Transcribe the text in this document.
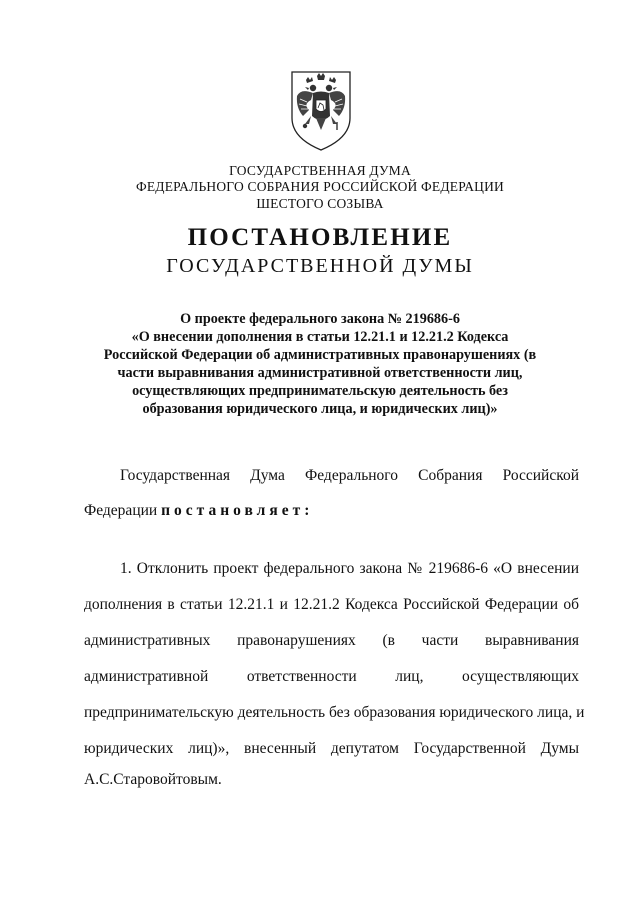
ГОСУДАРСТВЕННАЯ ДУМА
ФЕДЕРАЛЬНОГО СОБРАНИЯ РОССИЙСКОЙ ФЕДЕРАЦИИ
ШЕСТОГО СОЗЫВА
ПОСТАНОВЛЕНИЕ
ГОСУДАРСТВЕННОЙ ДУМЫ
О проекте федерального закона № 219686-6
«О внесении дополнения в статьи 12.21.1 и 12.21.2 Кодекса
Российской Федерации об административных правонарушениях (в
части выравнивания административной ответственности лиц,
осуществляющих предпринимательскую деятельность без
образования юридического лица, и юридических лиц)»
Государственная Дума Федерального Собрания Российской
Федерации постановляет:
1. Отклонить проект федерального закона № 219686-6 «О внесении
дополнения в статьи 12.21.1 и 12.21.2 Кодекса Российской Федерации об
административных правонарушениях (в части выравнивания
административной ответственности лиц, осуществляющих
предпринимательскую деятельность без образования юридического лица, и
юридических лиц)», внесенный депутатом Государственной Думы
А.С.Старовойтовым.
